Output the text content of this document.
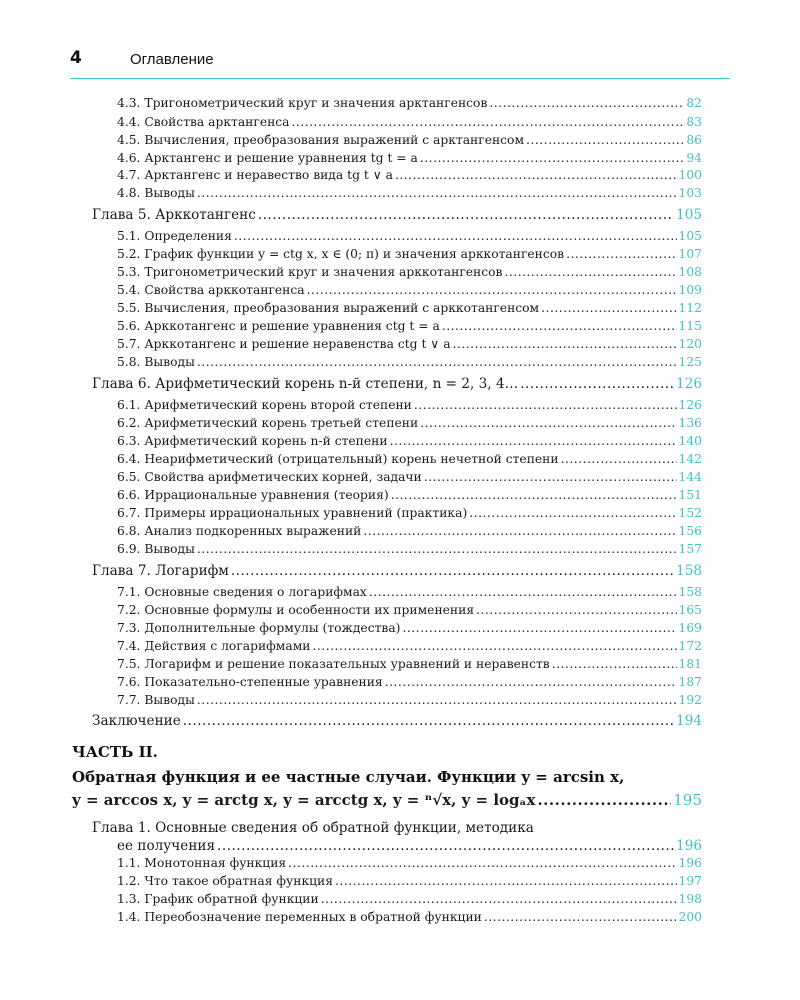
4	Оглавление
4.3. Тригонометрический круг и значения арктангенсов .....	82
4.4. Свойства арктангенса .....	83
4.5. Вычисления, преобразования выражений с арктангенсом .....	86
4.6. Арктангенс и решение уравнения tg t = a .....	94
4.7. Арктангенс и неравество вида tg t ∨ a .....	100
4.8. Выводы .....	103
Глава 5. Арккотангенс .....	105
5.1. Определения .....	105
5.2. График функции y = ctg x, x ∈ (0; π) и значения арккотангенсов .....	107
5.3. Тригонометрический круг и значения арккотангенсов .....	108
5.4. Свойства арккотангенса .....	109
5.5. Вычисления, преобразования выражений с арккотангенсом .....	112
5.6. Арккотангенс и решение уравнения ctg t = a .....	115
5.7. Арккотангенс и решение неравенства ctg t ∨ a .....	120
5.8. Выводы .....	125
Глава 6. Арифметический корень n-й степени, n = 2, 3, 4… .....	126
6.1. Арифметический корень второй степени .....	126
6.2. Арифметический корень третьей степени .....	136
6.3. Арифметический корень n-й степени .....	140
6.4. Неарифметический (отрицательный) корень нечетной степени .....	142
6.5. Свойства арифметических корней, задачи .....	144
6.6. Иррациональные уравнения (теория) .....	151
6.7. Примеры иррациональных уравнений (практика) .....	152
6.8. Анализ подкоренных выражений .....	156
6.9. Выводы .....	157
Глава 7. Логарифм .....	158
7.1. Основные сведения о логарифмах .....	158
7.2. Основные формулы и особенности их применения .....	165
7.3. Дополнительные формулы (тождества) .....	169
7.4. Действия с логарифмами .....	172
7.5. Логарифм и решение показательных уравнений и неравенств .....	181
7.6. Показательно-степенные уравнения .....	187
7.7. Выводы .....	192
Заключение .....	194
ЧАСТЬ II.
Обратная функция и ее частные случаи. Функции y = arcsin x,
y = arccos x, y = arctg x, y = arcctg x, y = ⁿ√x, y = logₐx .....	195
Глава 1. Основные сведения об обратной функции, методика
ее получения .....	196
1.1. Монотонная функция .....	196
1.2. Что такое обратная функция .....	197
1.3. График обратной функции .....	198
1.4. Переобозначение переменных в обратной функции .....	200
